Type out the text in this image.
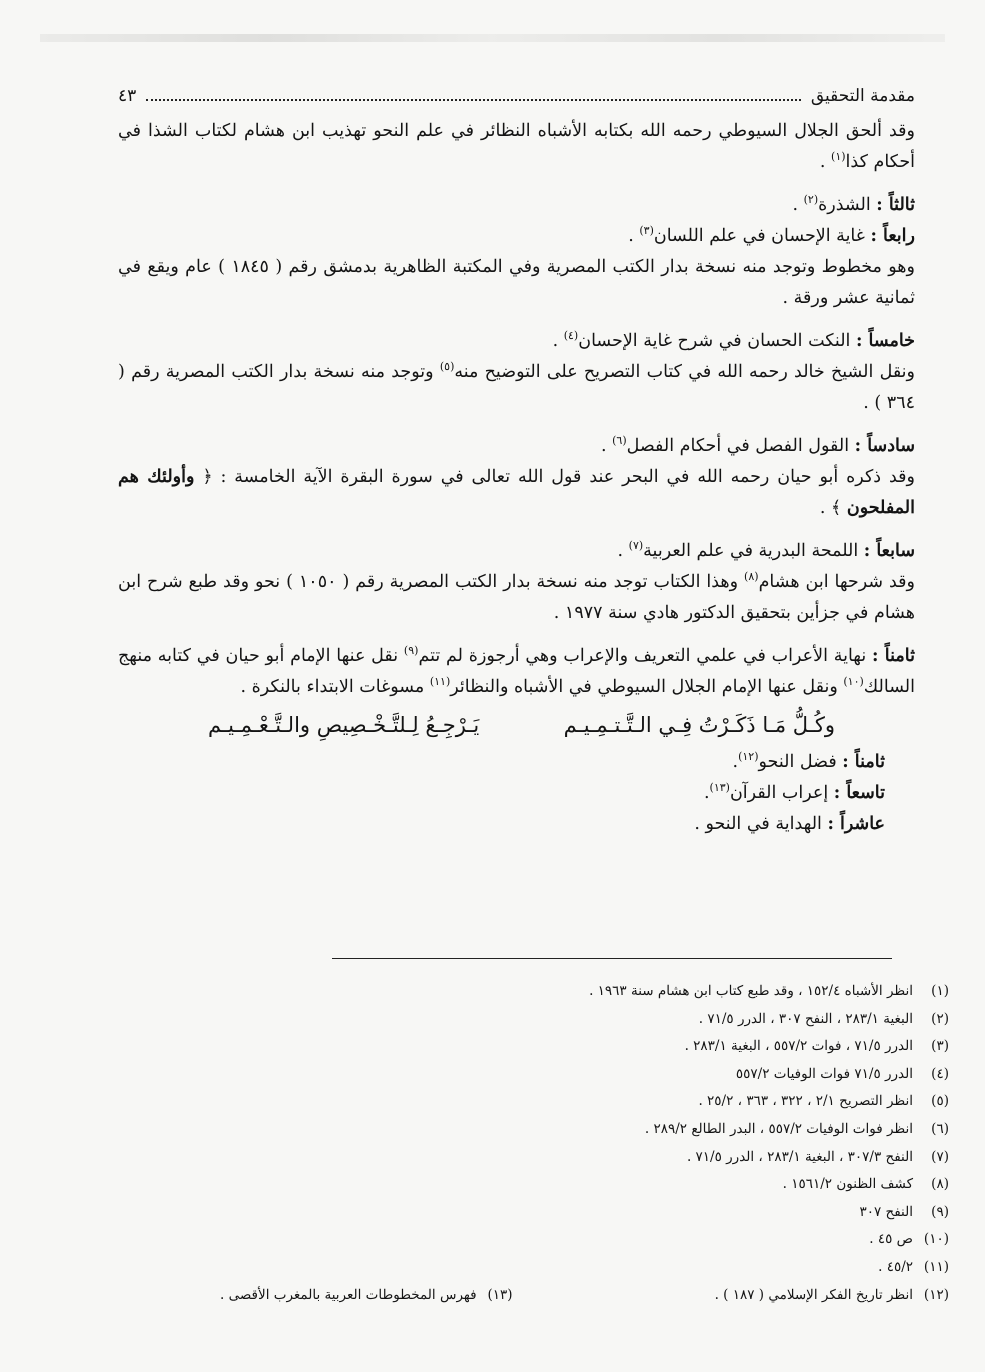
مقدمة التحقيق
٤٣

وقد ألحق الجلال السيوطي رحمه الله بكتابه الأشباه النظائر في علم النحو تهذيب ابن هشام لكتاب الشذا في أحكام كذا$^{(١)}$ .

ثالثاً : الشذرة$^{(٢)}$ .

رابعاً : غاية الإحسان في علم اللسان$^{(٣)}$ .

وهو مخطوط وتوجد منه نسخة بدار الكتب المصرية وفي المكتبة الظاهرية بدمشق رقم ( ١٨٤٥ ) عام ويقع في ثمانية عشر ورقة .

خامساً : النكت الحسان في شرح غاية الإحسان$^{(٤)}$ .

ونقل الشيخ خالد رحمه الله في كتاب التصريح على التوضيح منه$^{(٥)}$ وتوجد منه نسخة بدار الكتب المصرية رقم ( ٣٦٤ ) .

سادساً : القول الفصل في أحكام الفصل$^{(٦)}$ .

وقد ذكره أبو حيان رحمه الله في البحر عند قول الله تعالى في سورة البقرة الآية الخامسة : ﴿ وأولئك هم المفلحون ﴾ .

سابعاً : اللمحة البدرية في علم العربية$^{(٧)}$ .

وقد شرحها ابن هشام$^{(٨)}$ وهذا الكتاب توجد منه نسخة بدار الكتب المصرية رقم ( ١٠٥٠ ) نحو وقد طبع شرح ابن هشام في جزأين بتحقيق الدكتور هادي سنة ١٩٧٧ .

ثامناً : نهاية الأعراب في علمي التعريف والإعراب وهي أرجوزة لم تتم$^{(٩)}$ نقل عنها الإمام أبو حيان في كتابه منهج السالك$^{(١٠)}$ ونقل عنها الإمام الجلال السيوطي في الأشباه والنظائر$^{(١١)}$ مسوغات الابتداء بالنكرة .

وكُـلُّ مَـا ذَكَـرْتُ فِـي الـتَّـتـمِـيـم
يَـرْجِـعُ لِـلتَّـخْـصِيصِ والـتَّـعْـمِـيـم

ثامناً : فضل النحو$^{(١٢)}$.

تاسعاً : إعراب القرآن$^{(١٣)}$.

عاشراً : الهداية في النحو .

(١)انظر الأشباه ١٥٢/٤ ، وقد طبع كتاب ابن هشام سنة ١٩٦٣ .
(٢)البغية ٢٨٣/١ ، النفح ٣٠٧ ، الدرر ٧١/٥ .
(٣)الدرر ٧١/٥ ، فوات ٥٥٧/٢ ، البغية ٢٨٣/١ .
(٤)الدرر ٧١/٥ فوات الوفيات ٥٥٧/٢
(٥)انظر التصريح ٢/١ ، ٣٢٢ ، ٣٦٣ ، ٢٥/٢ .
(٦)انظر فوات الوفيات ٥٥٧/٢ ، البدر الطالع ٢٨٩/٢ .
(٧)النفح ٣٠٧/٣ ، البغية ٢٨٣/١ ، الدرر ٧١/٥ .
(٨)كشف الظنون ١٥٦١/٢ .
(٩)النفح ٣٠٧
(١٠)ص ٤٥ .
(١١)٤٥/٢ .
(١٢)انظر تاريخ الفكر الإسلامي ( ١٨٧ ) .
(١٣)فهرس المخطوطات العربية بالمغرب الأقصى .
